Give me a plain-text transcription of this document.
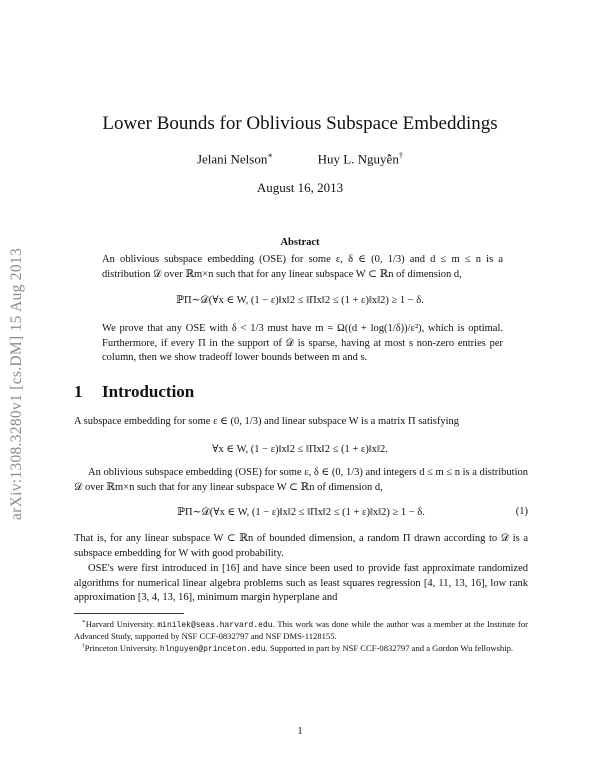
arXiv:1308.3280v1 [cs.DM] 15 Aug 2013
Lower Bounds for Oblivious Subspace Embeddings
Jelani Nelson∗	Huy L. Nguyễn†
August 16, 2013
Abstract
An oblivious subspace embedding (OSE) for some ε, δ ∈ (0, 1/3) and d ≤ m ≤ n is a distribution 𝒟 over ℝm×n such that for any linear subspace W ⊂ ℝn of dimension d,
ℙΠ∼𝒟(∀x ∈ W, (1 − ε)‖x‖2 ≤ ‖Πx‖2 ≤ (1 + ε)‖x‖2) ≥ 1 − δ.
We prove that any OSE with δ < 1/3 must have m = Ω((d + log(1/δ))/ε²), which is optimal. Furthermore, if every Π in the support of 𝒟 is sparse, having at most s non-zero entries per column, then we show tradeoff lower bounds between m and s.
1 Introduction
A subspace embedding for some ε ∈ (0, 1/3) and linear subspace W is a matrix Π satisfying
∀x ∈ W, (1 − ε)‖x‖2 ≤ ‖Πx‖2 ≤ (1 + ε)‖x‖2.
An oblivious subspace embedding (OSE) for some ε, δ ∈ (0, 1/3) and integers d ≤ m ≤ n is a distribution 𝒟 over ℝm×n such that for any linear subspace W ⊂ ℝn of dimension d,
ℙΠ∼𝒟(∀x ∈ W, (1 − ε)‖x‖2 ≤ ‖Πx‖2 ≤ (1 + ε)‖x‖2) ≥ 1 − δ.	(1)
That is, for any linear subspace W ⊂ ℝn of bounded dimension, a random Π drawn according to 𝒟 is a subspace embedding for W with good probability.
OSE's were first introduced in [16] and have since been used to provide fast approximate randomized algorithms for numerical linear algebra problems such as least squares regression [4, 11, 13, 16], low rank approximation [3, 4, 13, 16], minimum margin hyperplane and
∗Harvard University. minilek@seas.harvard.edu. This work was done while the author was a member at the Institute for Advanced Study, supported by NSF CCF-0832797 and NSF DMS-1128155.
†Princeton University. hlnguyen@princeton.edu. Supported in part by NSF CCF-0832797 and a Gordon Wu fellowship.
1
